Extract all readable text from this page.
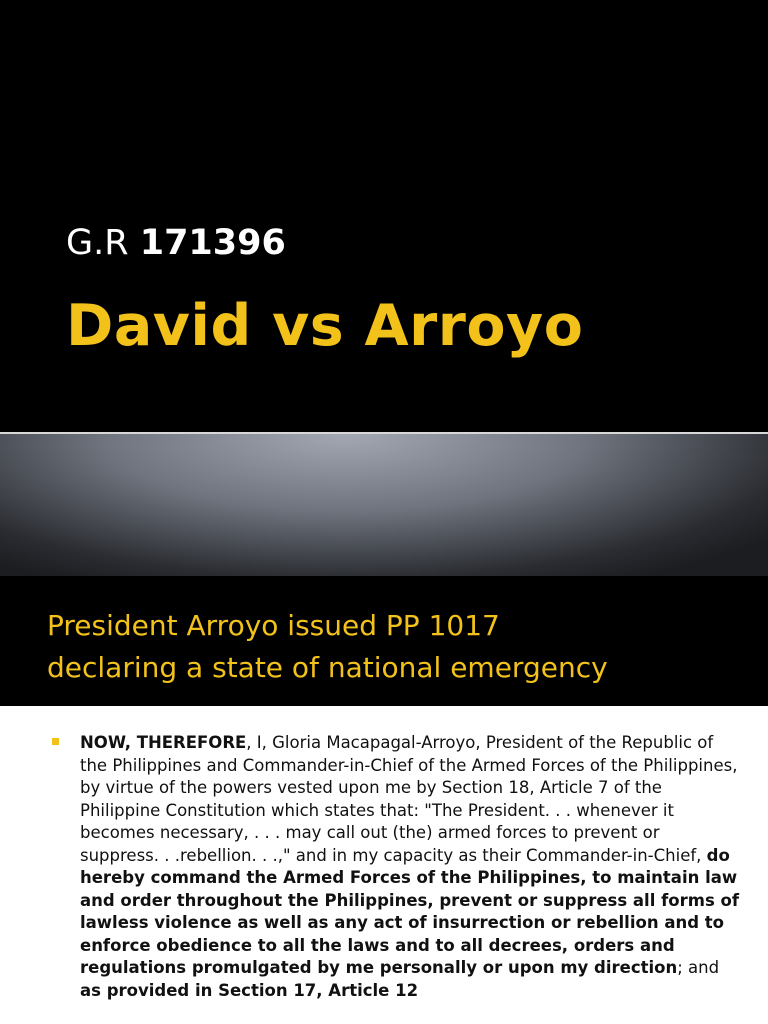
G.R 171396
David vs Arroyo

President Arroyo issued PP 1017
declaring a state of national emergency

NOW, THEREFORE, I, Gloria Macapagal-Arroyo, President of the Republic of the Philippines and Commander-in-Chief of the Armed Forces of the Philippines, by virtue of the powers vested upon me by Section 18, Article 7 of the Philippine Constitution which states that: "The President. . . whenever it becomes necessary, . . . may call out (the) armed forces to prevent or suppress. . .rebellion. . .," and in my capacity as their Commander-in-Chief, do hereby command the Armed Forces of the Philippines, to maintain law and order throughout the Philippines, prevent or suppress all forms of lawless violence as well as any act of insurrection or rebellion and to enforce obedience to all the laws and to all decrees, orders and regulations promulgated by me personally or upon my direction; and as provided in Section 17, Article 12
